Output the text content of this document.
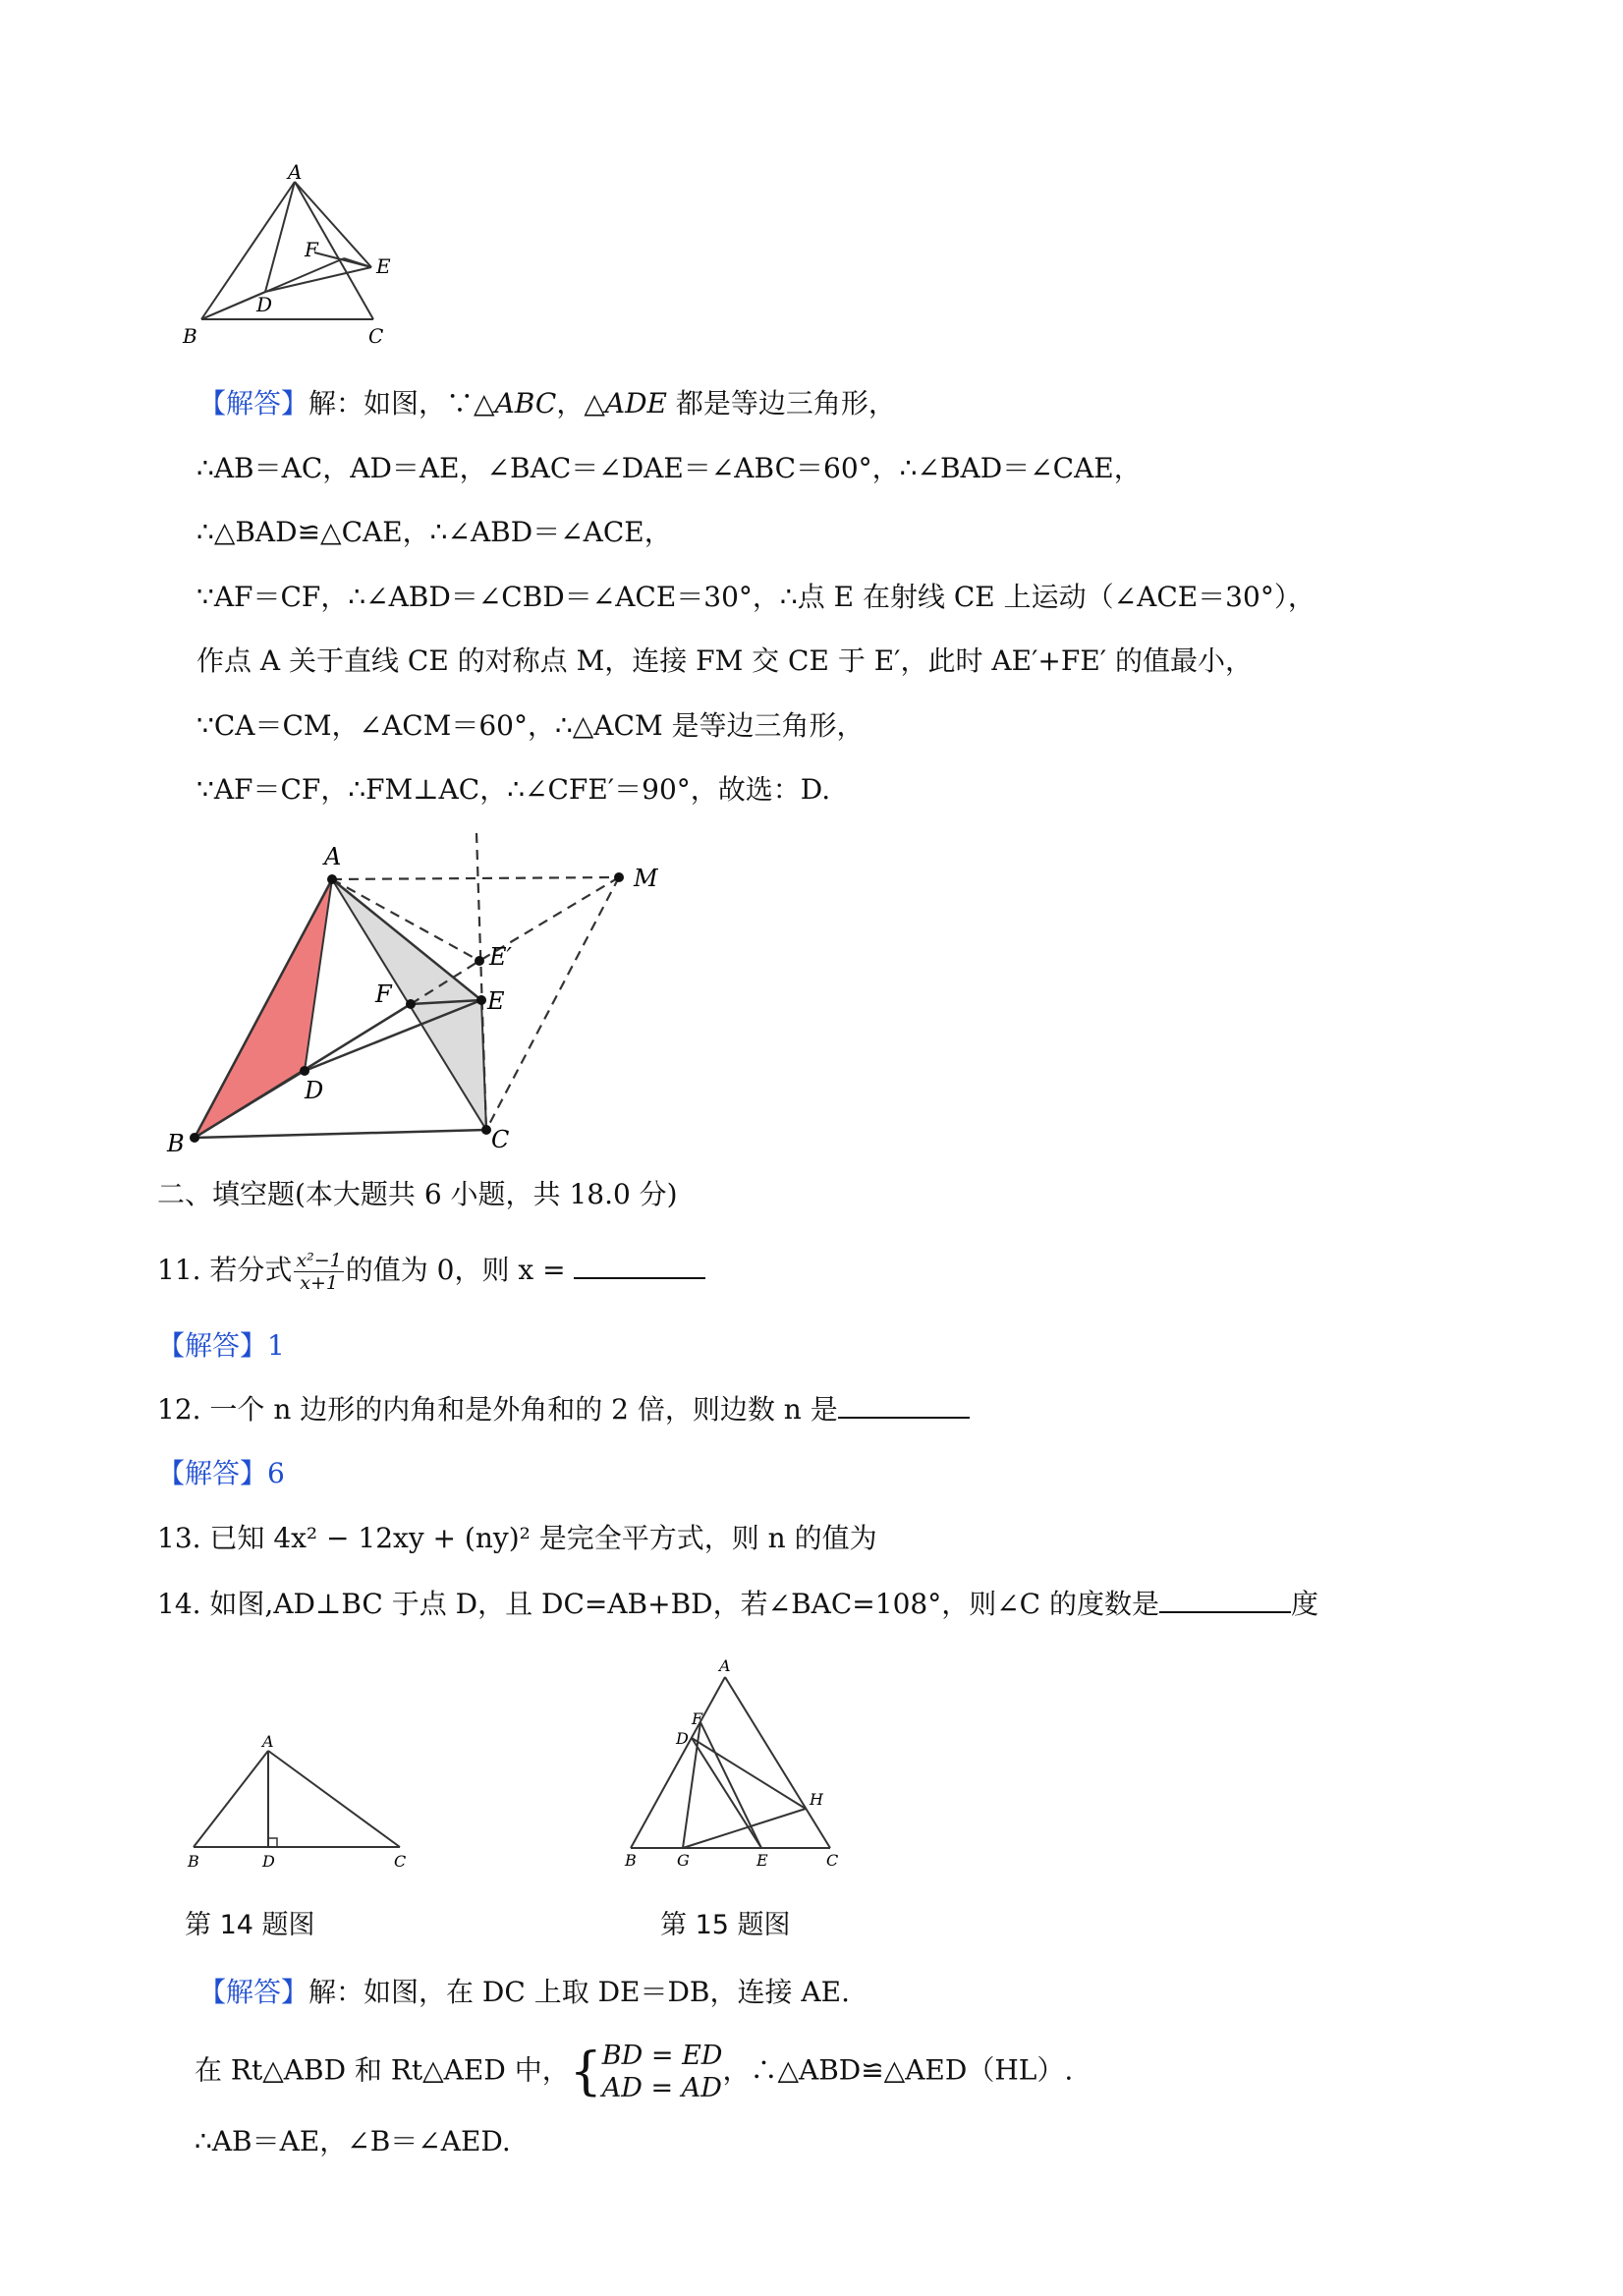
A
B	C
D
E
F
【解答】解：如图，∵△ABC，△ADE 都是等边三角形，
∴AB＝AC，AD＝AE，∠BAC＝∠DAE＝∠ABC＝60°，∴∠BAD＝∠CAE，
∴△BAD≌△CAE，∴∠ABD＝∠ACE，
∵AF＝CF，∴∠ABD＝∠CBD＝∠ACE＝30°，∴点 E 在射线 CE 上运动（∠ACE＝30°），
作点 A 关于直线 CE 的对称点 M，连接 FM 交 CE 于 E′，此时 AE′+FE′ 的值最小，
∵CA＝CM，∠ACM＝60°，∴△ACM 是等边三角形，
∵AF＝CF，∴FM⊥AC，∴∠CFE′＝90°，故选：D.
A
B	C
D
E
F
M
E′
二、填空题(本大题共 6 小题，共 18.0 分)
11. 若分式 $\frac{\text{x²−1}}{x+1}$ 的值为 0，则 x =
【解答】1
12. 一个 n 边形的内角和是外角和的 2 倍，则边数 n 是
【解答】6
13. 已知 4x² − 12xy + (ny)² 是完全平方式，则 n 的值为
14. 如图,AD⊥BC 于点 D，且 DC=AB+BD，若∠BAC=108°，则∠C 的度数是	度
A
B	D	C
A
B	C
D
E
F
G
H
第 14 题图	第 15 题图
【解答】解：如图，在 DC 上取 DE＝DB，连接 AE.
在 Rt△ABD 和 Rt△AED 中，{ BD = ED
AD = AD
，∴△ABD≌△AED（HL）.
∴AB＝AE，∠B＝∠AED.
